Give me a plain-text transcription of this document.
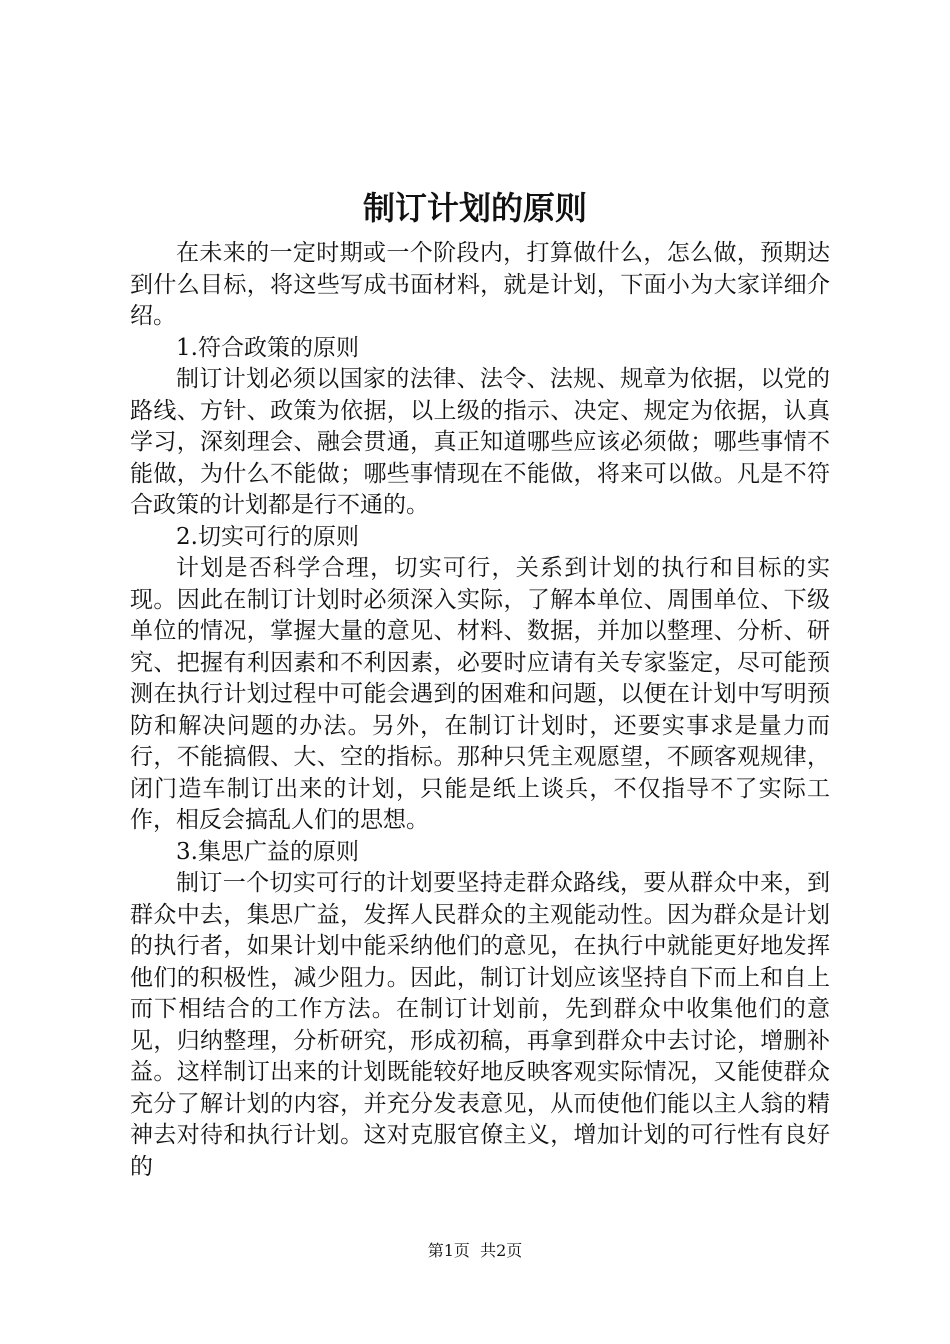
制订计划的原则

在未来的一定时期或一个阶段内，打算做什么，怎么做，预期达到什么目标，将这些写成书面材料，就是计划，下面小为大家详细介绍。

1.符合政策的原则

制订计划必须以国家的法律、法令、法规、规章为依据，以党的路线、方针、政策为依据，以上级的指示、决定、规定为依据，认真学习，深刻理会、融会贯通，真正知道哪些应该必须做；哪些事情不能做，为什么不能做；哪些事情现在不能做，将来可以做。凡是不符合政策的计划都是行不通的。

2.切实可行的原则

计划是否科学合理，切实可行，关系到计划的执行和目标的实现。因此在制订计划时必须深入实际，了解本单位、周围单位、下级单位的情况，掌握大量的意见、材料、数据，并加以整理、分析、研究、把握有利因素和不利因素，必要时应请有关专家鉴定，尽可能预测在执行计划过程中可能会遇到的困难和问题，以便在计划中写明预防和解决问题的办法。另外，在制订计划时，还要实事求是量力而行，不能搞假、大、空的指标。那种只凭主观愿望，不顾客观规律，闭门造车制订出来的计划，只能是纸上谈兵，不仅指导不了实际工作，相反会搞乱人们的思想。

3.集思广益的原则

制订一个切实可行的计划要坚持走群众路线，要从群众中来，到群众中去，集思广益，发挥人民群众的主观能动性。因为群众是计划的执行者，如果计划中能采纳他们的意见，在执行中就能更好地发挥他们的积极性，减少阻力。因此，制订计划应该坚持自下而上和自上而下相结合的工作方法。在制订计划前，先到群众中收集他们的意见，归纳整理，分析研究，形成初稿，再拿到群众中去讨论，增删补益。这样制订出来的计划既能较好地反映客观实际情况，又能使群众充分了解计划的内容，并充分发表意见，从而使他们能以主人翁的精神去对待和执行计划。这对克服官僚主义，增加计划的可行性有良好的

第1页 共2页
